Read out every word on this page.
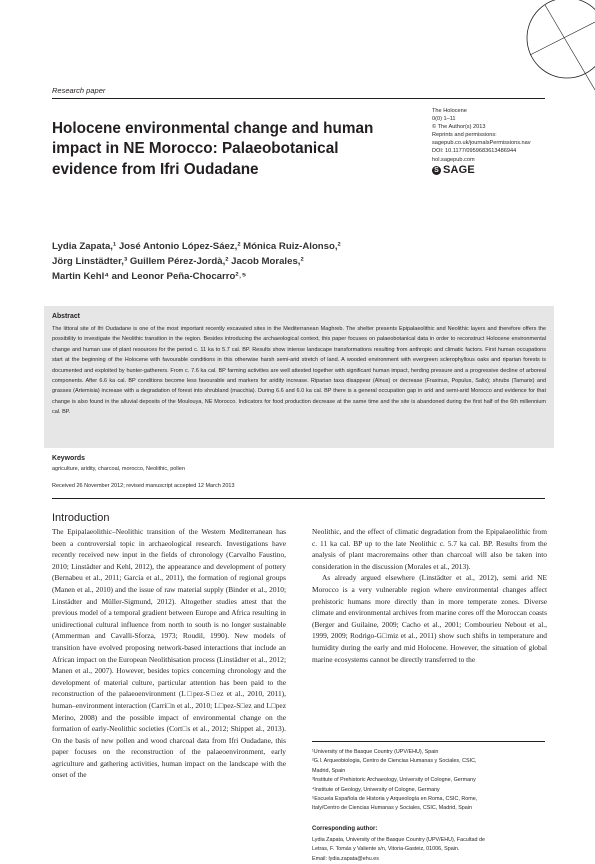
Research paper
Holocene environmental change and human impact in NE Morocco: Palaeobotanical evidence from Ifri Oudadane
The Holocene
0(0) 1–11
© The Author(s) 2013
Reprints and permissions:
sagepub.co.uk/journalsPermissions.nav
DOI: 10.1177/0959683613486944
hol.sagepub.com
S SAGE
Lydia Zapata,¹ José Antonio López-Sáez,² Mónica Ruiz-Alonso,²
Jörg Linstädter,³ Guillem Pérez-Jordà,² Jacob Morales,²
Martin Kehl⁴ and Leonor Peña-Chocarro²˒⁵
Abstract
The littoral site of Ifri Oudadane is one of the most important recently excavated sites in the Mediterranean Maghreb. The shelter presents Epipalaeolithic and Neolithic layers and therefore offers the possibility to investigate the Neolithic transition in the region. Besides introducing the archaeological context, this paper focuses on palaeobotanical data in order to reconstruct Holocene environmental change and human use of plant resources for the period c. 11 ka to 5.7 cal. BP. Results show intense landscape transformations resulting from anthropic and climatic factors. First human occupations start at the beginning of the Holocene with favourable conditions in this otherwise harsh semi-arid stretch of land. A wooded environment with evergreen sclerophyllous oaks and riparian forests is documented and exploited by hunter-gatherers. From c. 7.6 ka cal. BP farming activities are well attested together with significant human impact, herding pressure and a progressive decline of arboreal components. After 6.6 ka cal. BP conditions become less favourable and markers for aridity increase. Riparian taxa disappear (Alnus) or decrease (Fraxinus, Populus, Salix); shrubs (Tamarix) and grasses (Artemisia) increase with a degradation of forest into shrubland (macchia). During 6.6 and 6.0 ka cal. BP there is a general occupation gap in arid and semi-arid Morocco and evidence for that change is also found in the alluvial deposits of the Moulouya, NE Morocco. Indicators for food production decrease at the same time and the site is abandoned during the first half of the 6th millennium cal. BP.
Keywords
agriculture, aridity, charcoal, morocco, Neolithic, pollen
Received 26 November 2012; revised manuscript accepted 12 March 2013
Introduction
The Epipalaeolithic–Neolithic transition of the Western Mediterranean has been a controversial topic in archaeological research. Investigations have recently received new input in the fields of chronology (Carvalho Faustino, 2010; Linstädter and Kehl, 2012), the appearance and development of pottery (Bernabeu et al., 2011; García et al., 2011), the formation of regional groups (Manen et al., 2010) and the issue of raw material supply (Binder et al., 2010; Linstädter and Müller-Sigmund, 2012). Altogether studies attest that the previous model of a temporal gradient between Europe and Africa resulting in unidirectional cultural influence from north to south is no longer sustainable (Ammerman and Cavalli-Sforza, 1973; Roudil, 1990). New models of transition have evolved proposing network-based interactions that include an African impact on the European Neolithisation process (Linstädter et al., 2012; Manen et al., 2007). However, besides topics concerning chronology and the development of material culture, particular attention has been paid to the reconstruction of the palaeoenvironment (L□pez-S□ez et al., 2010, 2011), human–environment interaction (Carri□n et al., 2010; L□pez-S□ez and L□pez Merino, 2008) and the possible impact of environmental change on the formation of early-Neolithic societies (Cort□s et al., 2012; Shippet al., 2013). On the basis of new pollen and wood charcoal data from Ifri Oudadane, this paper focuses on the reconstruction of the palaeoenvironment, early agriculture and gathering activities, human impact on the landscape with the onset of the
Neolithic, and the effect of climatic degradation from the Epipalaeolithic from c. 11 ka cal. BP up to the late Neolithic c. 5.7 ka cal. BP. Results from the analysis of plant macroremains other than charcoal will also be taken into consideration in the discussion (Morales et al., 2013).
As already argued elsewhere (Linstädter et al., 2012), semi arid NE Morocco is a very vulnerable region where environmental changes affect prehistoric humans more directly than in more temperate zones. Diverse climate and environmental archives from marine cores off the Moroccan coasts (Berger and Guilaine, 2009; Cacho et al., 2001; Combourieu Nebout et al., 1999, 2009; Rodrigo-G□miz et al., 2011) show such shifts in temperature and humidity during the early and mid Holocene. However, the situation of global marine ecosystems cannot be directly transferred to the
¹University of the Basque Country (UPV/EHU), Spain
²G.I. Arqueobiologia, Centro de Ciencias Humanas y Sociales, CSIC,
Madrid, Spain
³Institute of Prehistoric Archaeology, University of Cologne, Germany
⁴Institute of Geology, University of Cologne, Germany
⁵Escuela Española de Historia y Arqueología en Roma, CSIC, Rome,
Italy/Centro de Ciencias Humanas y Sociales, CSIC, Madrid, Spain
Corresponding author:
Lydia Zapata, University of the Basque Country (UPV/EHU), Facultad de
Letras, F. Tomás y Valiente s/n, Vitoria-Gasteiz, 01006, Spain.
Email: lydia.zapata@ehu.es
